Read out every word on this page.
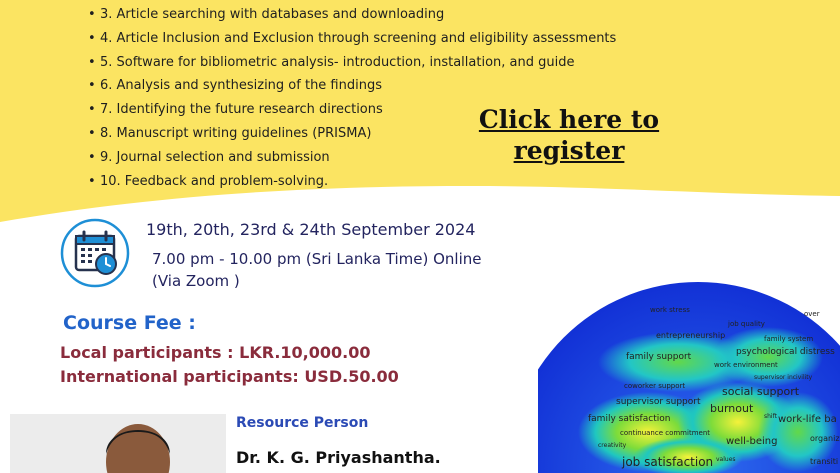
• 3. Article searching with databases and downloading
• 4. Article Inclusion and Exclusion through screening and eligibility assessments
• 5. Software for bibliometric analysis- introduction, installation, and guide
• 6. Analysis and synthesizing of the findings
• 7. Identifying the future research directions
• 8. Manuscript writing guidelines (PRISMA)
• 9. Journal selection and submission
• 10. Feedback and problem-solving.
Click here to
register
19th, 20th, 23rd & 24th September 2024
7.00 pm - 10.00 pm (Sri Lanka Time) Online
(Via Zoom )
Course Fee :
Local participants : LKR.10,000.00
International participants: USD.50.00
Resource Person
Dr. K. G. Priyashantha.
work stress
job quality
over
entrepreneurship	family system
family support	psychological distress
work environment
supervisor incivility
coworker support	social support
supervisor support burnout
shift work-life ba
family satisfaction
continuance commitment
organiz
well-being
creativity
job satisfaction values	transiti
